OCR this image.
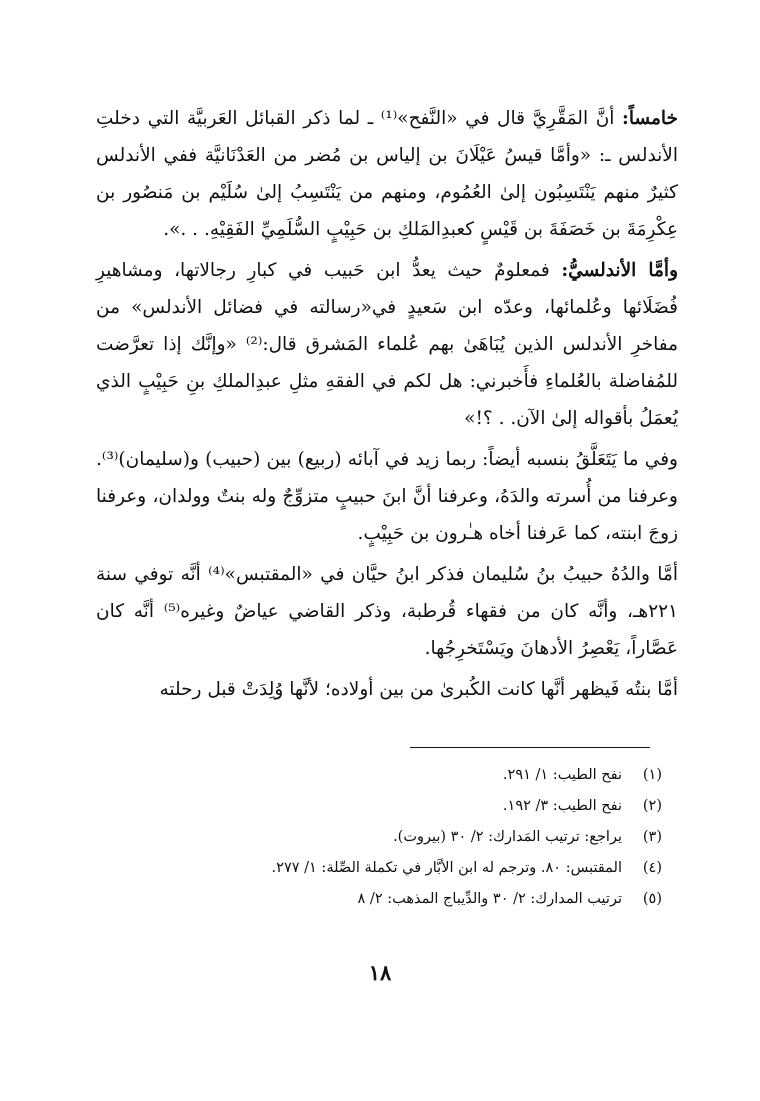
خامساً: أنَّ المَقَّرِيَّ قال في «النَّفح»⁽¹⁾ ـ لما ذكر القبائل العَربيَّة التي دخلتِ الأندلس ـ: «وأمَّا قيسُ عَيْلَانَ بن إلياس بن مُضر من العَدْنَانيَّة ففي الأندلس كثيرٌ منهم يَنْتَسِبُون إلىٰ العُمُوم، ومنهم من يَنْتَسِبُ إلىٰ سُلَيْم بن مَنصُور بن عِكْرِمَةَ بن خَصَفَةَ بن قَيْسٍ كعبدِالمَلكِ بن حَبِيْبٍ السُّلَمِيِّ الفَقِيْهِ. . .».

وأمَّا الأندلسيُّ: فمعلومٌ حيث يعدُّ ابن حَبيب في كبارِ رجالاتها، ومشاهيرِ فُضَلَائها وعُلمائها، وعدّه ابن سَعيدٍ في«رسالته في فضائل الأندلس» من مفاخرِ الأندلس الذين يُبَاهَىٰ بهم عُلماء المَشرق قال:⁽²⁾ «وإنَّك إذا تعرَّضت للمُفاضلة بالعُلماءِ فأَخبرني: هل لكم في الفقهِ مثلِ عبدِالملكِ بنِ حَبِيْبٍ الذي يُعمَلُ بأقواله إلىٰ الآن. . ؟!»

وفي ما يَتَعَلَّقُ بنسبه أيضاً: ربما زيد في آبائه (ربيع) بين (حبيب) و(سليمان)⁽³⁾. وعرفنا من أُسرته والدَهُ، وعرفنا أنَّ ابنَ حبيبٍ متزوِّجٌ وله بنتٌ وولدان، وعرفنا زوجَ ابنته، كما عَرفنا أخاه هـٰرون بن حَبِيْبٍ.

أمَّا والدُهُ حبيبُ بنُ سُليمان فذكر ابنُ حيَّان في «المقتبس»⁽⁴⁾ أنَّه توفي سنة ٢٢١هـ، وأنَّه كان من فقهاء قُرطبة، وذكر القاضي عياضٌ وغيره⁽⁵⁾ أنَّه كان عَصَّاراً، يَعْصِرُ الأدهانَ ويَسْتَخرِجُها.

أمَّا بنتُه فَيظهر أنَّها كانت الكُبرىٰ من بين أولاده؛ لأنَّها وُلِدَتْ قبل رحلته

(١)
نفح الطيب: ١/ ٢٩١.
(٢)
نفح الطيب: ٣/ ١٩٢.
(٣)
يراجع: ترتيب المَدارك: ٢/ ٣٠ (بيروت).
(٤)
المقتبس: ٨٠. وترجم له ابن الأبَّار في تكملة الصِّلة: ١/ ٢٧٧.
(٥)
ترتيب المدارك: ٢/ ٣٠ والدِّيباج المذهب: ٢/ ٨
١٨
